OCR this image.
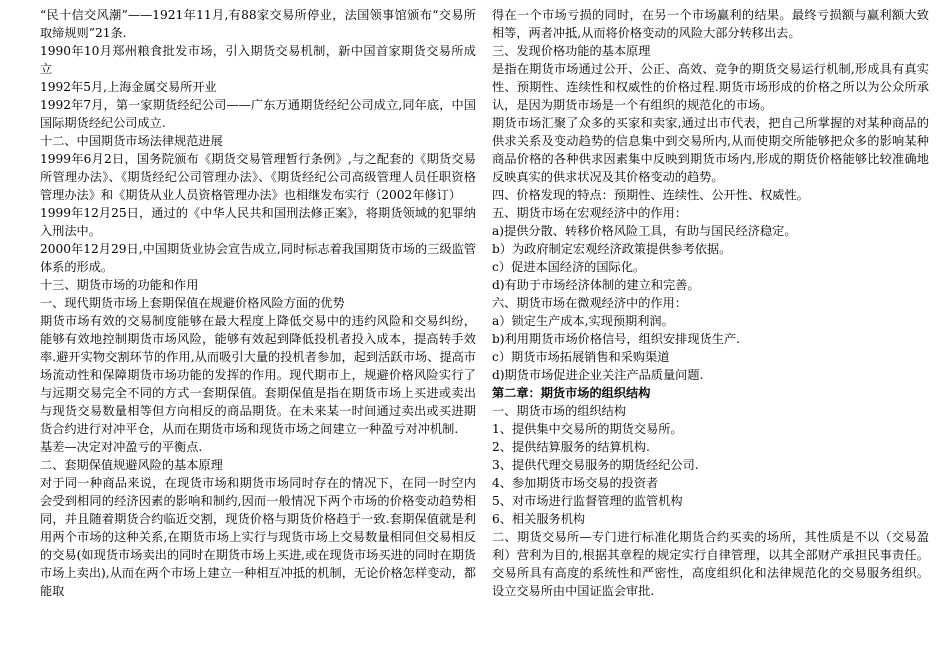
“民十信交风潮”——1921年11月,有88家交易所停业，法国领事馆颁布“交易所取缔规则”21条.

1990年10月郑州粮食批发市场，引入期货交易机制，新中国首家期货交易所成立

1992年5月,上海金属交易所开业

1992年7月，第一家期货经纪公司——广东万通期货经纪公司成立,同年底，中国国际期货经纪公司成立.

十二、中国期货市场法律规范进展

1999年6月2日，国务院颁布《期货交易管理暂行条例》,与之配套的《期货交易所管理办法》、《期货经纪公司管理办法》、《期货经纪公司高级管理人员任职资格管理办法》和《期货从业人员资格管理办法》也相继发布实行（2002年修订）

1999年12月25日，通过的《中华人民共和国刑法修正案》，将期货领域的犯罪纳入刑法中。

2000年12月29日,中国期货业协会宣告成立,同时标志着我国期货市场的三级监管体系的形成。

十三、期货市场的功能和作用

一、现代期货市场上套期保值在规避价格风险方面的优势

期货市场有效的交易制度能够在最大程度上降低交易中的违约风险和交易纠纷，能够有效地控制期货市场风险，能够有效起到降低投机者投入成本，提高转手效率.避开实物交割环节的作用,从而吸引大量的投机者参加，起到活跃市场、提高市场流动性和保障期货市场功能的发挥的作用。现代期市上，规避价格风险实行了与远期交易完全不同的方式一套期保值。套期保值是指在期货市场上买进或卖出与现货交易数量相等但方向相反的商品期货。在未来某一时间通过卖出或买进期货合约进行对冲平仓，从而在期货市场和现货市场之间建立一种盈亏对冲机制.

基差—决定对冲盈亏的平衡点.

二、套期保值规避风险的基本原理

对于同一种商品来说，在现货市场和期货市场同时存在的情况下，在同一时空内会受到相同的经济因素的影响和制约,因而一般情况下两个市场的价格变动趋势相同，并且随着期货合约临近交割，现货价格与期货价格趋于一致.套期保值就是利用两个市场的这种关系,在期货市场上实行与现货市场上交易数量相同但交易相反的交易(如现货市场卖出的同时在期货市场上买进,或在现货市场买进的同时在期货市场上卖出),从而在两个市场上建立一种相互冲抵的机制，无论价格怎样变动，都能取

得在一个市场亏损的同时，在另一个市场赢利的结果。最终亏损额与赢利额大致相等，两者冲抵,从而将价格变动的风险大部分转移出去。

三、发现价格功能的基本原理

是指在期货市场通过公开、公正、高效、竞争的期货交易运行机制,形成具有真实性、预期性、连续性和权威性的价格过程.期货市场形成的价格之所以为公众所承认，是因为期货市场是一个有组织的规范化的市场。

期货市场汇聚了众多的买家和卖家,通过出市代表，把自己所掌握的对某种商品的供求关系及变动趋势的信息集中到交易所内,从而使期交所能够把众多的影响某种商品价格的各种供求因素集中反映到期货市场内,形成的期货价格能够比较准确地反映真实的供求状况及其价格变动的趋势。

四、价格发现的特点：预期性、连续性、公开性、权威性。

五、期货市场在宏观经济中的作用：

a)提供分散、转移价格风险工具，有助与国民经济稳定。

b）为政府制定宏观经济政策提供参考依据。

c）促进本国经济的国际化。

d)有助于市场经济体制的建立和完善。

六、期货市场在微观经济中的作用：

a）锁定生产成本,实现预期利润。

b)利用期货市场价格信号，组织安排现货生产.

c）期货市场拓展销售和采购渠道

d)期货市场促进企业关注产品质量问题.

第二章：期货市场的组织结构

一、期货市场的组织结构

1、提供集中交易所的期货交易所。

2、提供结算服务的结算机构.

3、提供代理交易服务的期货经纪公司.

4、参加期货市场交易的投资者

5、对市场进行监督管理的监管机构

6、相关服务机构

二、期货交易所—专门进行标准化期货合约买卖的场所，其性质是不以（交易盈利）营利为目的,根据其章程的规定实行自律管理，以其全部财产承担民事责任。交易所具有高度的系统性和严密性，高度组织化和法律规范化的交易服务组织。设立交易所由中国证监会审批.
